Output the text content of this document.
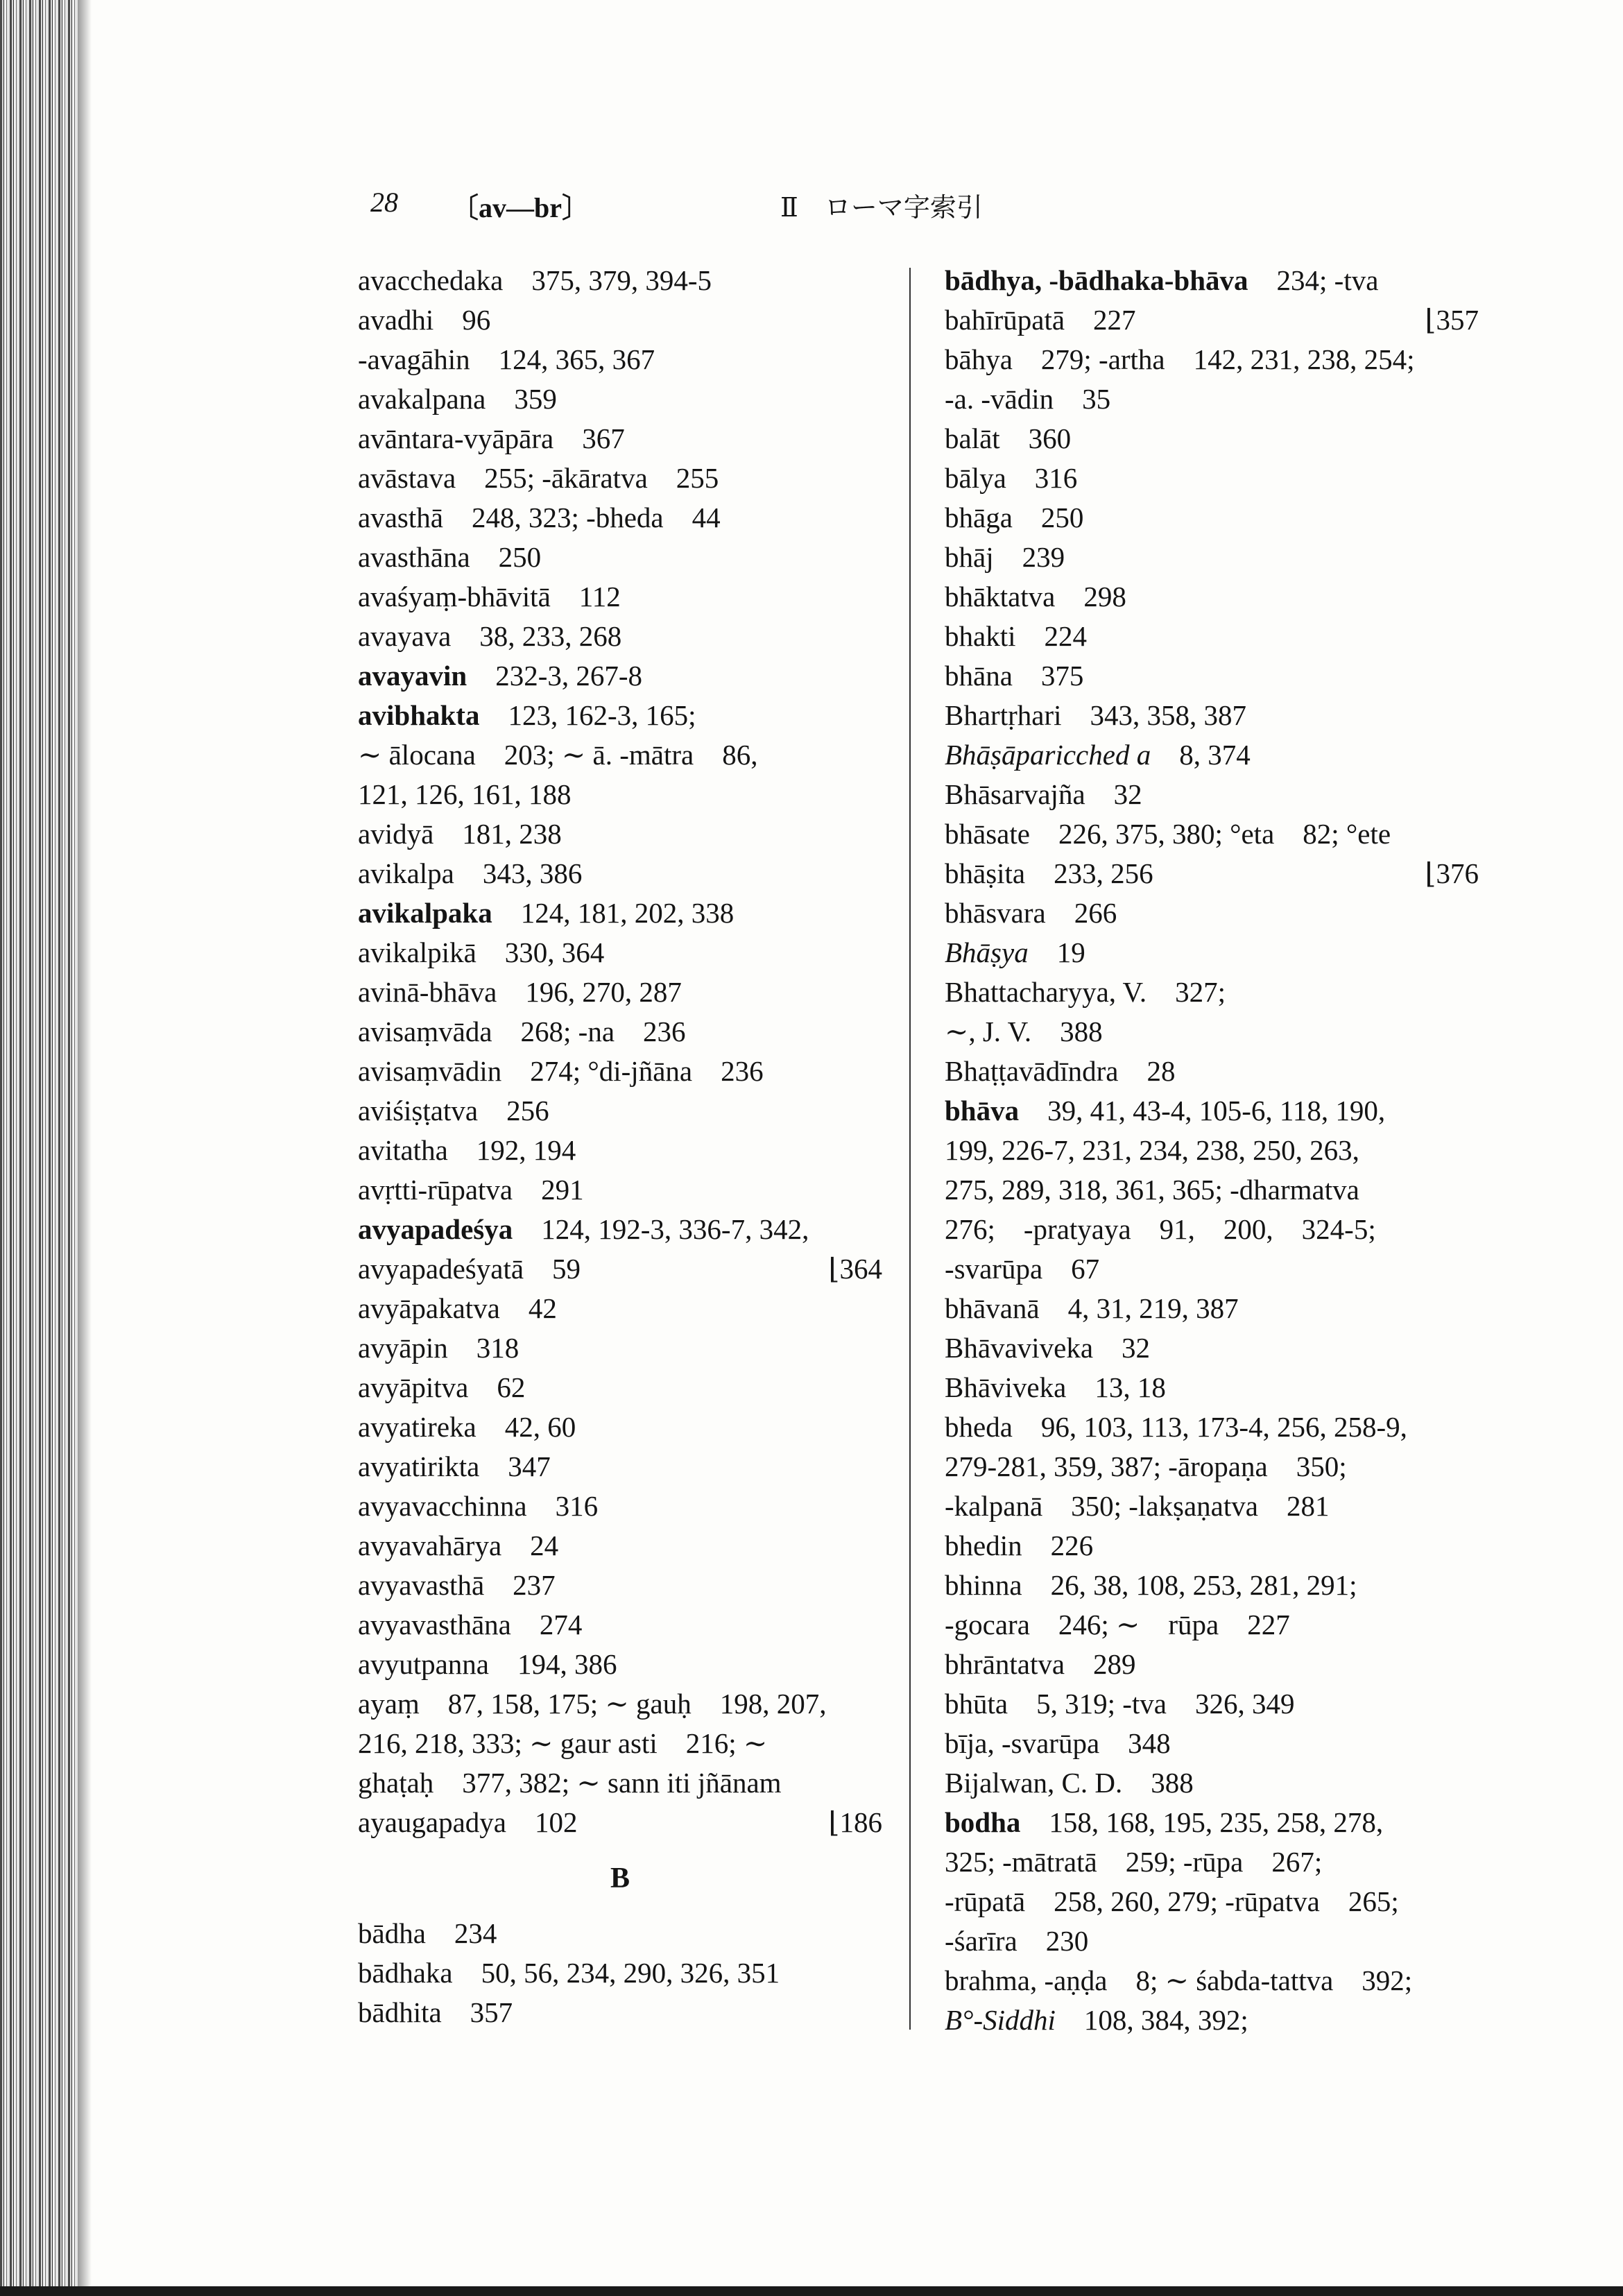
28 〔av—br〕	Ⅱ　ローマ字索引
avacchedaka　375, 379, 394-5
avadhi　96
-avagāhin　124, 365, 367
avakalpana　359
avāntara-vyāpāra　367
avāstava　255; -ākāratva　255
avasthā　248, 323; -bheda　44
avasthāna　250
avaśyaṃ-bhāvitā　112
avayava　38, 233, 268
avayavin　232-3, 267-8
avibhakta　123, 162-3, 165;
∼ ālocana　203; ∼ ā. -mātra　86,
121, 126, 161, 188
avidyā　181, 238
avikalpa　343, 386
avikalpaka　124, 181, 202, 338
avikalpikā　330, 364
avinā-bhāva　196, 270, 287
avisaṃvāda　268; -na　236
avisaṃvādin　274; °di-jñāna　236
aviśiṣṭatva　256
avitatha　192, 194
avṛtti-rūpatva　291
avyapadeśya　124, 192-3, 336-7, 342,
avyapadeśyatā　59	⌊364
avyāpakatva　42
avyāpin　318
avyāpitva　62
avyatireka　42, 60
avyatirikta　347
avyavacchinna　316
avyavahārya　24
avyavasthā　237
avyavasthāna　274
avyutpanna　194, 386
ayaṃ　87, 158, 175; ∼ gauḥ　198, 207,
216, 218, 333; ∼ gaur asti　216; ∼
ghaṭaḥ　377, 382; ∼ sann iti jñānam
ayaugapadya　102	⌊186
B
bādha　234
bādhaka　50, 56, 234, 290, 326, 351
bādhita　357
bādhya, -bādhaka-bhāva　234; -tva
bahīrūpatā　227	⌊357
bāhya　279; -artha　142, 231, 238, 254;
-a. -vādin　35
balāt　360
bālya　316
bhāga　250
bhāj　239
bhāktatva　298
bhakti　224
bhāna　375
Bhartṛhari　343, 358, 387
Bhāṣāparicched a　8, 374
Bhāsarvajña　32
bhāsate　226, 375, 380; °eta　82; °ete
bhāṣita　233, 256	⌊376
bhāsvara　266
Bhāṣya　19
Bhattacharyya, V.　327;
∼, J. V.　388
Bhaṭṭavādīndra　28
bhāva　39, 41, 43-4, 105-6, 118, 190,
199, 226-7, 231, 234, 238, 250, 263,
275, 289, 318, 361, 365; -dharmatva
276;　-pratyaya　91,　200,　324-5;
-svarūpa　67
bhāvanā　4, 31, 219, 387
Bhāvaviveka　32
Bhāviveka　13, 18
bheda　96, 103, 113, 173-4, 256, 258-9,
279-281, 359, 387; -āropaṇa　350;
-kalpanā　350; -lakṣaṇatva　281
bhedin　226
bhinna　26, 38, 108, 253, 281, 291;
-gocara　246; ∼　rūpa　227
bhrāntatva　289
bhūta　5, 319; -tva　326, 349
bīja, -svarūpa　348
Bijalwan, C. D.　388
bodha　158, 168, 195, 235, 258, 278,
325; -mātratā　259; -rūpa　267;
-rūpatā　258, 260, 279; -rūpatva　265;
-śarīra　230
brahma, -aṇḍa　8; ∼ śabda-tattva　392;
B°-Siddhi　108, 384, 392;
